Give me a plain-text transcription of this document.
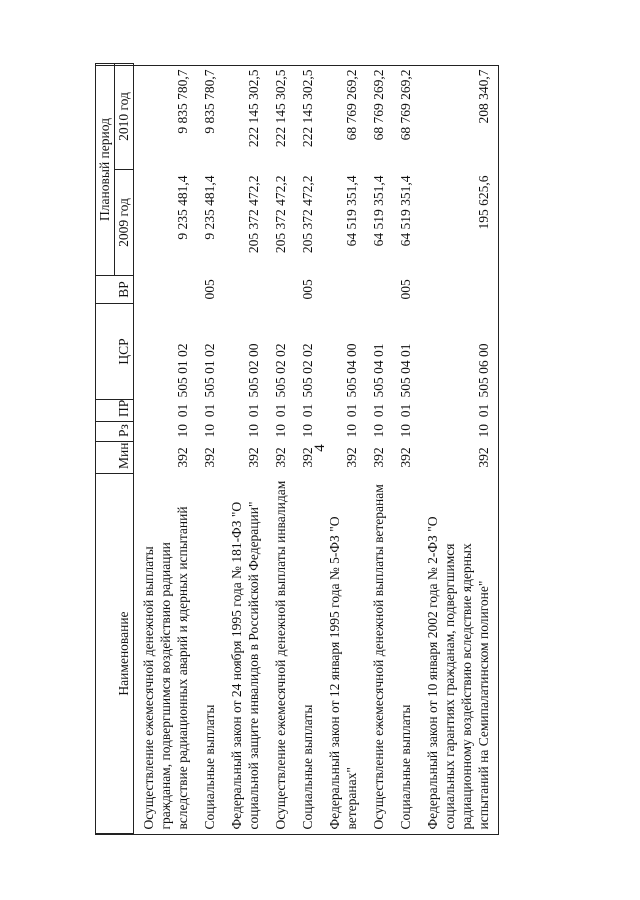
4
Наименование	Мин	Рз	ПР	ЦСР	ВР	Плановый период	
						2009 год	2010 год
Осуществление ежемесячной денежной выплаты гражданам, подвергшимся воздействию радиации вследствие радиационных аварий и ядерных испытаний	392	10	01	505 01 02		9 235 481,4	9 835 780,7
Социальные выплаты	392	10	01	505 01 02	005	9 235 481,4	9 835 780,7
Федеральный закон от 24 ноября 1995 года № 181-ФЗ "О социальной защите инвалидов в Российской Федерации"	392	10	01	505 02 00		205 372 472,2	222 145 302,5
Осуществление ежемесячной денежной выплаты инвалидам	392	10	01	505 02 02		205 372 472,2	222 145 302,5
Социальные выплаты	392	10	01	505 02 02	005	205 372 472,2	222 145 302,5
Федеральный закон от 12 января 1995 года № 5-ФЗ "О ветеранах"	392	10	01	505 04 00		64 519 351,4	68 769 269,2
Осуществление ежемесячной денежной выплаты ветеранам	392	10	01	505 04 01		64 519 351,4	68 769 269,2
Социальные выплаты	392	10	01	505 04 01	005	64 519 351,4	68 769 269,2
Федеральный закон от 10 января 2002 года № 2-ФЗ "О социальных гарантиях гражданам, подвергшимся радиационному воздействию вследствие ядерных испытаний на Семипалатинском полигоне"	392	10	01	505 06 00		195 625,6	208 340,7
